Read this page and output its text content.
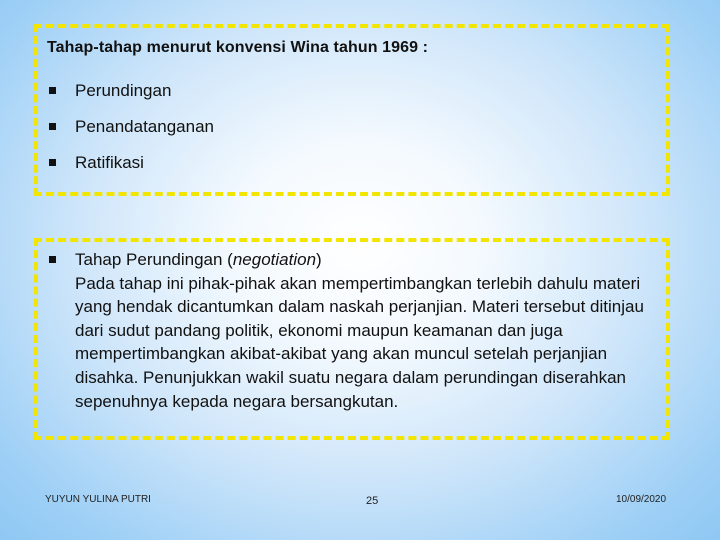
Tahap-tahap menurut konvensi Wina tahun 1969 :
Perundingan
Penandatanganan
Ratifikasi
Tahap Perundingan (negotiation)

Pada tahap ini pihak-pihak akan mempertimbangkan terlebih dahulu materi yang hendak dicantumkan dalam naskah perjanjian. Materi tersebut ditinjau dari sudut pandang politik, ekonomi maupun keamanan dan juga mempertimbangkan akibat-akibat yang akan muncul setelah perjanjian disahka. Penunjukkan wakil suatu negara dalam perundingan diserahkan sepenuhnya kepada negara bersangkutan.

YUYUN YULINA PUTRI	25	10/09/2020
